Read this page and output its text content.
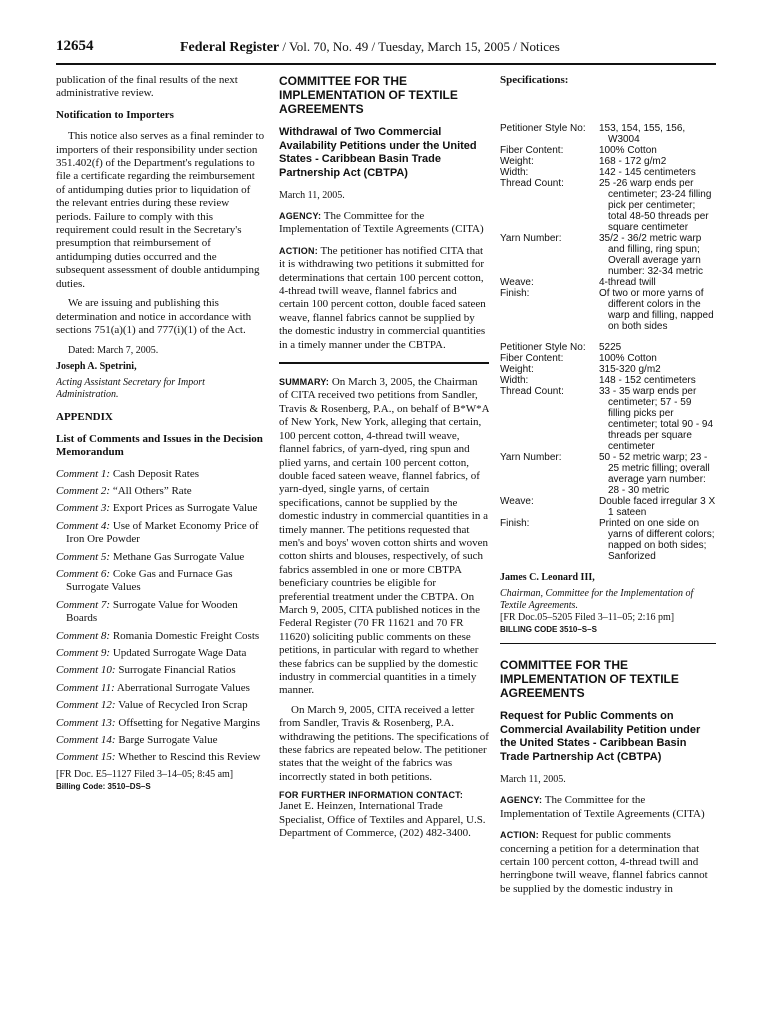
12654	Federal Register / Vol. 70, No. 49 / Tuesday, March 15, 2005 / Notices

publication of the final results of the next administrative review.

Notification to Importers

This notice also serves as a final reminder to importers of their responsibility under section 351.402(f) of the Department's regulations to file a certificate regarding the reimbursement of antidumping duties prior to liquidation of the relevant entries during these review periods. Failure to comply with this requirement could result in the Secretary's presumption that reimbursement of antidumping duties occurred and the subsequent assessment of double antidumping duties.

We are issuing and publishing this determination and notice in accordance with sections 751(a)(1) and 777(i)(1) of the Act.

Dated: March 7, 2005.

Joseph A. Spetrini,

Acting Assistant Secretary for Import Administration.

APPENDIX

List of Comments and Issues in the Decision Memorandum

Comment 1: Cash Deposit Rates

Comment 2: “All Others” Rate

Comment 3: Export Prices as Surrogate Value

Comment 4: Use of Market Economy Price of Iron Ore Powder

Comment 5: Methane Gas Surrogate Value

Comment 6: Coke Gas and Furnace Gas Surrogate Values

Comment 7: Surrogate Value for Wooden Boards

Comment 8: Romania Domestic Freight Costs

Comment 9: Updated Surrogate Wage Data

Comment 10: Surrogate Financial Ratios

Comment 11: Aberrational Surrogate Values

Comment 12: Value of Recycled Iron Scrap

Comment 13: Offsetting for Negative Margins

Comment 14: Barge Surrogate Value

Comment 15: Whether to Rescind this Review

[FR Doc. E5–1127 Filed 3–14–05; 8:45 am]

Billing Code: 3510–DS–S

COMMITTEE FOR THE IMPLEMENTATION OF TEXTILE AGREEMENTS

Withdrawal of Two Commercial Availability Petitions under the United States - Caribbean Basin Trade Partnership Act (CBTPA)

March 11, 2005.

AGENCY: The Committee for the Implementation of Textile Agreements (CITA)

ACTION: The petitioner has notified CITA that it is withdrawing two petitions it submitted for determinations that certain 100 percent cotton, 4-thread twill weave, flannel fabrics and certain 100 percent cotton, double faced sateen weave, flannel fabrics cannot be supplied by the domestic industry in commercial quantities in a timely manner under the CBTPA.

SUMMARY: On March 3, 2005, the Chairman of CITA received two petitions from Sandler, Travis & Rosenberg, P.A., on behalf of B*W*A of New York, New York, alleging that certain, 100 percent cotton, 4-thread twill weave, flannel fabrics, of yarn-dyed, ring spun and plied yarns, and certain 100 percent cotton, double faced sateen weave, flannel fabrics, of yarn-dyed, single yarns, of certain specifications, cannot be supplied by the domestic industry in commercial quantities in a timely manner. The petitions requested that men's and boys' woven cotton shirts and woven cotton shirts and blouses, respectively, of such fabrics assembled in one or more CBTPA beneficiary countries be eligible for preferential treatment under the CBTPA. On March 9, 2005, CITA published notices in the Federal Register (70 FR 11621 and 70 FR 11620) soliciting public comments on these petitions, in particular with regard to whether these fabrics can be supplied by the domestic industry in commercial quantities in a timely manner.

On March 9, 2005, CITA received a letter from Sandler, Travis & Rosenberg, P.A. withdrawing the petitions. The specifications of these fabrics are repeated below. The petitioner states that the weight of the fabrics was incorrectly stated in both petitions.

FOR FURTHER INFORMATION CONTACT:

Janet E. Heinzen, International Trade Specialist, Office of Textiles and Apparel, U.S. Department of Commerce, (202) 482-3400.

Specifications:

Petitioner Style No:	153, 154, 155, 156, W3004
Fiber Content:	100% Cotton
Weight:	168 - 172 g/m2
Width:	142 - 145 centimeters
Thread Count:	25 -26 warp ends per centimeter; 23-24 filling pick per centimeter; total 48-50 threads per square centimeter
Yarn Number:	35/2 - 36/2 metric warp and filling, ring spun; Overall average yarn number: 32-34 metric
Weave:	4-thread twill
Finish:	Of two or more yarns of different colors in the warp and filling, napped on both sides
Petitioner Style No:	5225
Fiber Content:	100% Cotton
Weight:	315-320 g/m2
Width:	148 - 152 centimeters
Thread Count:	33 - 35 warp ends per centimeter; 57 - 59 filling picks per centimeter; total 90 - 94 threads per square centimeter
Yarn Number:	50 - 52 metric warp; 23 - 25 metric filling; overall average yarn number: 28 - 30 metric
Weave:	Double faced irregular 3 X 1 sateen
Finish:	Printed on one side on yarns of different colors; napped on both sides; Sanforized

James C. Leonard III,

Chairman, Committee for the Implementation of Textile Agreements.

[FR Doc.05–5205 Filed 3–11–05; 2:16 pm]

BILLING CODE 3510–S–S

COMMITTEE FOR THE IMPLEMENTATION OF TEXTILE AGREEMENTS

Request for Public Comments on Commercial Availability Petition under the United States - Caribbean Basin Trade Partnership Act (CBTPA)

March 11, 2005.

AGENCY: The Committee for the Implementation of Textile Agreements (CITA)

ACTION: Request for public comments concerning a petition for a determination that certain 100 percent cotton, 4-thread twill and herringbone twill weave, flannel fabrics cannot be supplied by the domestic industry in
